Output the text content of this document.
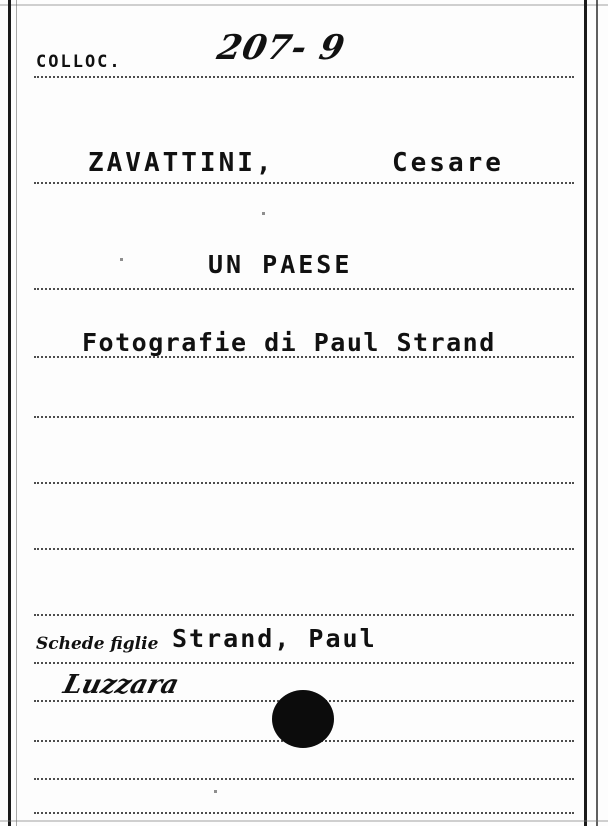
COLLOC.	207- 9
ZAVATTINI,	Cesare
UN PAESE
Fotografie di Paul Strand
Schede figlie Strand, Paul
Luzzara
